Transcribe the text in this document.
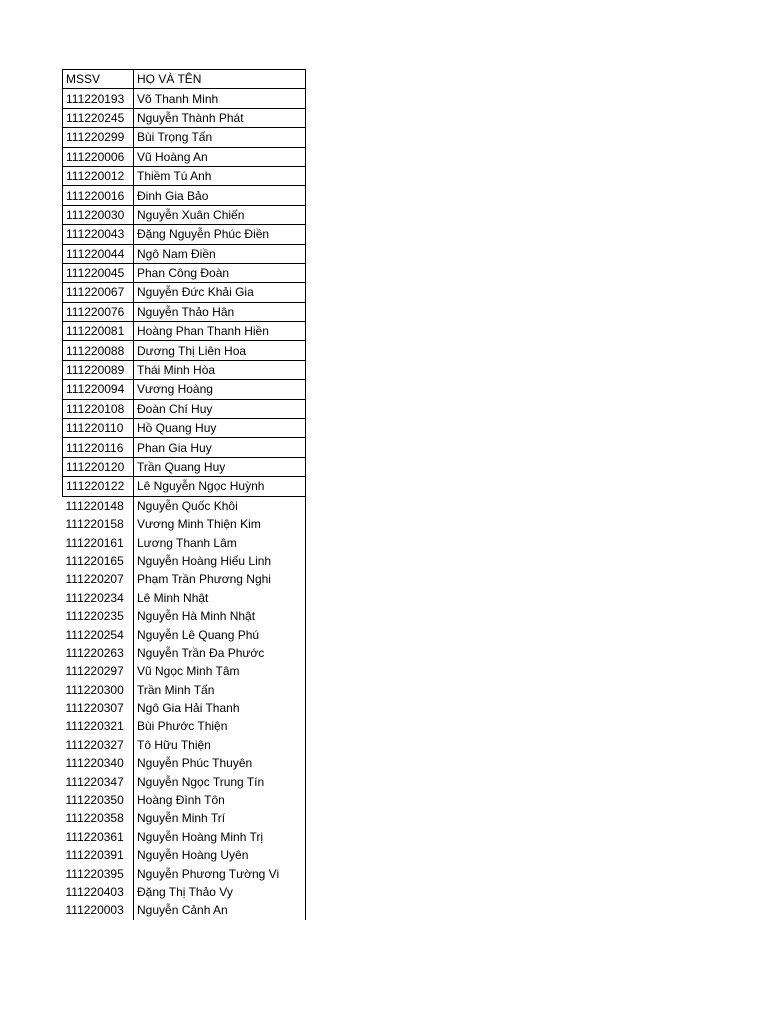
MSSV	HỌ VÀ TÊN
111220193	Võ Thanh Minh
111220245	Nguyễn Thành Phát
111220299	Bùi Trọng Tấn
111220006	Vũ Hoàng An
111220012	Thiềm Tú Anh
111220016	Đinh Gia Bảo
111220030	Nguyễn Xuân Chiến
111220043	Đặng Nguyễn Phúc Điền
111220044	Ngô Nam Điền
111220045	Phan Công Đoàn
111220067	Nguyễn Đức Khải Gia
111220076	Nguyễn Thảo Hân
111220081	Hoàng Phan Thanh Hiền
111220088	Dương Thị Liên Hoa
111220089	Thái Minh Hòa
111220094	Vương Hoàng
111220108	Đoàn Chí Huy
111220110	Hồ Quang Huy
111220116	Phan Gia Huy
111220120	Trần Quang Huy
111220122	Lê Nguyễn Ngọc Huỳnh
111220148	Nguyễn Quốc Khôi
111220158	Vương Minh Thiện Kim
111220161	Lương Thanh Lâm
111220165	Nguyễn Hoàng Hiếu Linh
111220207	Phạm Trần Phương Nghi
111220234	Lê Minh Nhật
111220235	Nguyễn Hà Minh Nhật
111220254	Nguyễn Lê Quang Phú
111220263	Nguyễn Trần Đa Phước
111220297	Vũ Ngọc Minh Tâm
111220300	Trần Minh Tấn
111220307	Ngô Gia Hải Thanh
111220321	Bùi Phước Thiện
111220327	Tô Hữu Thiện
111220340	Nguyễn Phúc Thuyên
111220347	Nguyễn Ngọc Trung Tín
111220350	Hoàng Đình Tôn
111220358	Nguyễn Minh Trí
111220361	Nguyễn Hoàng Minh Trị
111220391	Nguyễn Hoàng Uyên
111220395	Nguyễn Phương Tường Vi
111220403	Đặng Thị Thảo Vy
111220003	Nguyễn Cảnh An
